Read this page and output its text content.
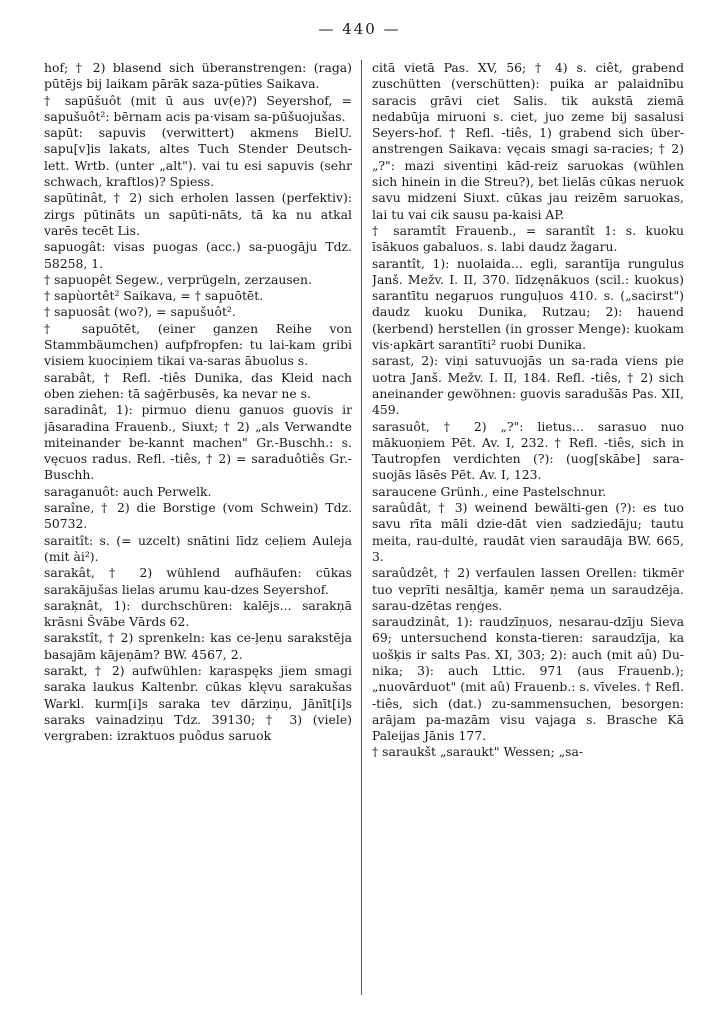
— 440 —

hof; † 2) blasend sich überanstrengen: (raga) pūtējs bij laikam pārāk saza-pūties Saikava.

† sapūšuôt (mit ū aus uv(e)?) Seyershof, = sapušuôt²: bērnam acis pa·visam sa-pūšuojušas.

sapūt: sapuvis (verwittert) akmens BielU. sapu[v]is lakats, altes Tuch Stender Deutsch-lett. Wrtb. (unter „alt"). vai tu esi sapuvis (sehr schwach, kraftlos)? Spiess.

sapūtinât, † 2) sich erholen lassen (perfektiv): zirgs pūtināts un sapūti-nāts, tā ka nu atkal varēs tecēt Lis.

sapuogât: visas puogas (acc.) sa-puogāju Tdz. 58258, 1.

† sapuopêt Segew., verprügeln, zerzausen.

† sapùortêt² Saikava, = † sapuōtēt.

† sapuosât (wo?), = sapušuôt².

† sapuōtēt, (einer ganzen Reihe von Stammbäumchen) aufpfropfen: tu lai-kam gribi visiem kuociņiem tikai va-saras ābuolus s.

sarabât, † Refl. -tiês Dunika, das Kleid nach oben ziehen: tā saģērbusēs, ka nevar ne s.

saradinât, 1): pirmuo dienu ganuos guovis ir jāsaradina Frauenb., Siuxt; † 2) „als Verwandte miteinander be-kannt machen" Gr.-Buschh.: s. vęcuos radus. Refl. -tiês, † 2) = saraduôtiês Gr.-Buschh.

saraganuôt: auch Perwelk.

saraîne, † 2) die Borstige (vom Schwein) Tdz. 50732.

saraitît: s. (= uzcelt) snātini līdz ceļiem Auleja (mit ài²).

sarakât, † 2) wühlend aufhäufen: cūkas sarakājušas lielas arumu kau-dzes Seyershof.

saraķnât, 1): durchschüren: kalējs... sarakņā krāsni Švābe Vārds 62.

sarakstît, † 2) sprenkeln: kas ce-ļeņu sarakstēja basajām kājeņām? BW. 4567, 2.

sarakt, † 2) aufwühlen: kaŗaspęks jiem smagi saraka laukus Kaltenbr. cūkas klęvu sarakušas Warkl. kurm[i]s saraka tev dārziņu, Jānīt[i]s saraks vainadziņu Tdz. 39130; † 3) (viele) vergraben: izraktuos puôdus saruok

citā vietā Pas. XV, 56; † 4) s. ciêt, grabend zuschütten (verschütten): puika ar palaidnību saracis grāvi ciet Salis. tik aukstā ziemā nedabūja miruoni s. ciet, juo zeme bij sasalusi Seyers-hof. † Refl. -tiês, 1) grabend sich über-anstrengen Saikava: vęcais smagi sa-racies; † 2) „?": mazi siventiņi kād-reiz saruokas (wühlen sich hinein in die Streu?), bet lielās cūkas neruok savu midzeni Siuxt. cūkas jau reizēm saruokas, lai tu vai cik sausu pa-kaisi AP.

† saramtît Frauenb., = sarantît 1: s. kuoku īsākuos gabaluos. s. labi daudz žagaru.

sarantît, 1): nuolaida... egli, sarantīja rungulus Janš. Mežv. I. II, 370. līdzęnākuos (scil.: kuokus) sarantītu negaŗuos runguļuos 410. s. („sacirst") daudz kuoku Dunika, Rutzau; 2): hauend (kerbend) herstellen (in grosser Menge): kuokam vis·apkārt sarantīti² ruobi Dunika.

sarast, 2): viņi satuvuojās un sa-rada viens pie uotra Janš. Mežv. I. II, 184. Refl. -tiês, † 2) sich aneinander gewöhnen: guovis saradušās Pas. XII, 459.

sarasuôt, † 2) „?": lietus... sarasuo nuo mākuoņiem Pēt. Av. I, 232. † Refl. -tiês, sich in Tautropfen verdichten (?): (uog[skābe] sara-suojās lāsēs Pēt. Av. I, 123.

saraucene Grünh., eine Pastelschnur.

saraûdât, † 3) weinend bewälti-gen (?): es tuo savu rīta māli dzie-dāt vien sadziedāju; tautu meita, rau-dultė, raudāt vien saraudāja BW. 665, 3.

saraûdzêt, † 2) verfaulen lassen Orellen: tikmēr tuo veprīti nesāltja, kamēr ņema un saraudzēja. sarau-dzētas reņģes.

saraudzinât, 1): raudzīņuos, nesarau-dzīju Sieva 69; untersuchend konsta-tieren: saraudzīja, ka uošķis ir salts Pas. XI, 303; 2): auch (mit aû) Du-nika; 3): auch Lttic. 971 (aus Frauenb.); „nuovārduot" (mit aû) Frauenb.: s. vīveles. † Refl. -tiês, sich (dat.) zu-sammensuchen, besorgen: arājam pa-mazām visu vajaga s. Brasche Kā Paleijas Jānis 177.

† saraukšt „saraukt" Wessen; „sa-
